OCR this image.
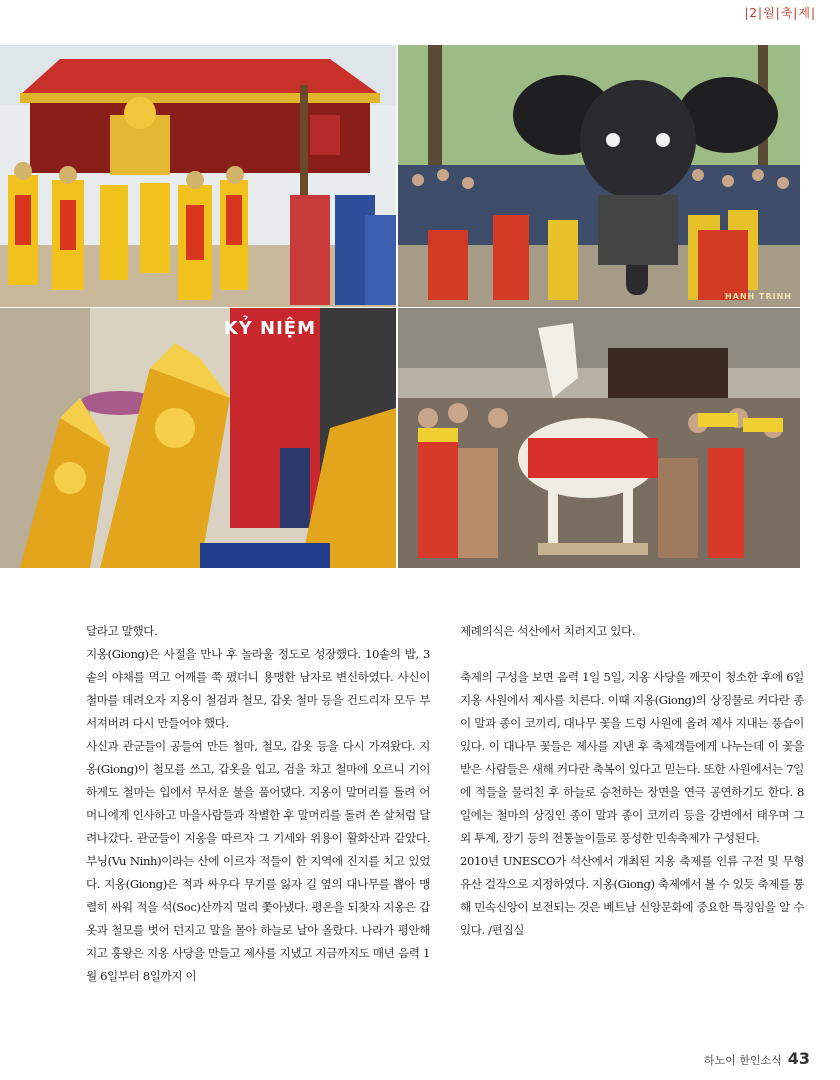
|2|월|축|제|
HANH TRINH
KỶ NIỆM

달라고 말했다.

지옹(Giong)은 사절을 만나 후 놀라울 정도로 성장했다. 10솥의 밥, 3솥의 야채를 먹고 어깨를 쭉 폈더니 용맹한 남자로 변신하였다. 사신이 철마를 데려오자 지옹이 철검과 철모, 갑옷 철마 등을 건드리자 모두 부서져버려 다시 만들어야 했다.

사신과 관군들이 공들여 만든 철마, 철모, 갑옷 등을 다시 가져왔다. 지옹(Giong)이 철모를 쓰고, 갑옷을 입고, 검을 차고 철마에 오르니 기이하게도 철마는 입에서 무서운 불을 품어댔다. 지옹이 말머리를 돌려 어머니에게 인사하고 마을사람들과 작별한 후 말머리를 돌려 쏜 살처럼 달려나갔다. 관군들이 지옹을 따르자 그 기세와 위용이 활화산과 같았다. 부닝(Vu Ninh)이라는 산에 이르자 적들이 한 지역에 진지를 치고 있었다. 지옹(Giong)은 적과 싸우다 무기를 잃자 길 옆의 대나무를 뽑아 맹렬히 싸워 적을 석(Soc)산까지 멀리 쫓아냈다. 평온을 되찾자 지옹은 갑옷과 철모를 벗어 던지고 말을 몰아 하늘로 날아 올랐다. 나라가 평안해지고 훙왕은 지옹 사당을 만들고 제사를 지냈고 지금까지도 매년 음력 1월 6일부터 8일까지 이

제례의식은 석산에서 치러지고 있다.

축제의 구성을 보면 음력 1일 5일, 지옹 사당을 깨끗이 청소한 후에 6일 지옹 사원에서 제사를 치른다. 이때 지옹(Giong)의 상징물로 커다란 종이 말과 종이 코끼리, 대나무 꽃을 드렁 사원에 올려 제사 지내는 풍습이 있다. 이 대나무 꽃들은 제사를 지낸 후 축제객들에게 나누는데 이 꽃을 받은 사람들은 새해 커다란 축복이 있다고 믿는다. 또한 사원에서는 7일에 적들을 물리친 후 하늘로 승천하는 장면을 연극 공연하기도 한다. 8일에는 철마의 상징인 종이 말과 종이 코끼리 등을 강변에서 태우며 그 외 투계, 장기 등의 전통놀이들로 풍성한 민속축제가 구성된다.

2010년 UNESCO가 석산에서 개최된 지옹 축제를 인류 구전 및 무형유산 걸작으로 지정하였다. 지옹(Giong) 축제에서 볼 수 있듯 축제를 통해 민속신앙이 보전되는 것은 베트남 신앙문화에 중요한 특징임을 알 수 있다. /편집실

하노이 한인소식 43
